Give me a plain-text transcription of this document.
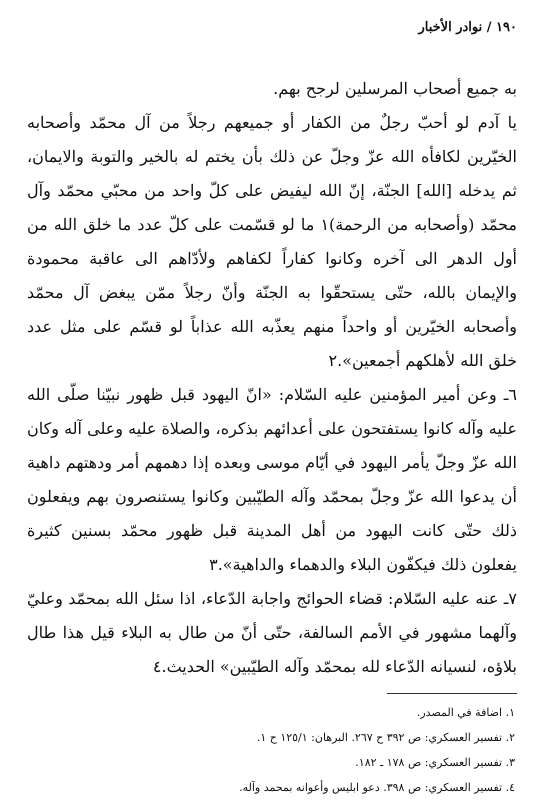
١٩٠ / نوادر الأخبار

به جميع أصحاب المرسلين لرجح بهم.

يا آدم لو أحبّ رجلٌ من الكفار أو جميعهم رجلاً من آل محمّد وأصحابه الخيّرين لكافأه الله عزّ وجلّ عن ذلك بأن يختم له بالخير والتوبة والايمان، ثم يدخله [الله] الجنّة، إنّ الله ليفيض على كلّ واحد من محبّي محمّد وآل محمّد (وأصحابه من الرحمة)١ ما لو قسّمت على كلّ عدد ما خلق الله من أول الدهر الى آخره وكانوا كفاراً لكفاهم ولأدّاهم الى عاقبة محمودة والإيمان بالله، حتّى يستحقّوا به الجنّة وأنّ رجلاً ممّن يبغض آل محمّد وأصحابه الخيّرين أو واحداً منهم يعذّبه الله عذاباً لو قسّم على مثل عدد خلق الله لأهلكهم أجمعين».٢

٦ـ وعن أمير المؤمنين عليه السّلام: «انّ اليهود قبل ظهور نبيّنا صلّى الله عليه وآله كانوا يستفتحون على أعدائهم بذكره، والصلاة عليه وعلى آله وكان الله عزّ وجلّ يأمر اليهود في أيّام موسى وبعده إذا دهمهم أمر ودهتهم داهية أن يدعوا الله عزّ وجلّ بمحمّد وآله الطيّبين وكانوا يستنصرون بهم ويفعلون ذلك حتّى كانت اليهود من أهل المدينة قبل ظهور محمّد بسنين كثيرة يفعلون ذلك فيكفّون البلاء والدهماء والداهية».٣

٧ـ عنه عليه السّلام: قضاء الحوائج واجابة الدّعاء، اذا سئل الله بمحمّد وعليّ وآلهما مشهور في الأمم السالفة، حتّى أنّ من طال به البلاء قيل هذا طال بلاؤه، لنسيانه الدّعاء لله بمحمّد وآله الطيّبين» الحديث.٤

١. اضافة في المصدر.
٢. تفسير العسكري: ص ٣٩٢ ح ٢٦٧. البرهان: ١٢٥/١ ح ١.
٣. تفسير العسكري: ص ١٧٨ ـ ١٨٢.
٤. تفسير العسكري: ص ٣٩٨. دعو ابليس وأعوانه بمحمد وآله.
